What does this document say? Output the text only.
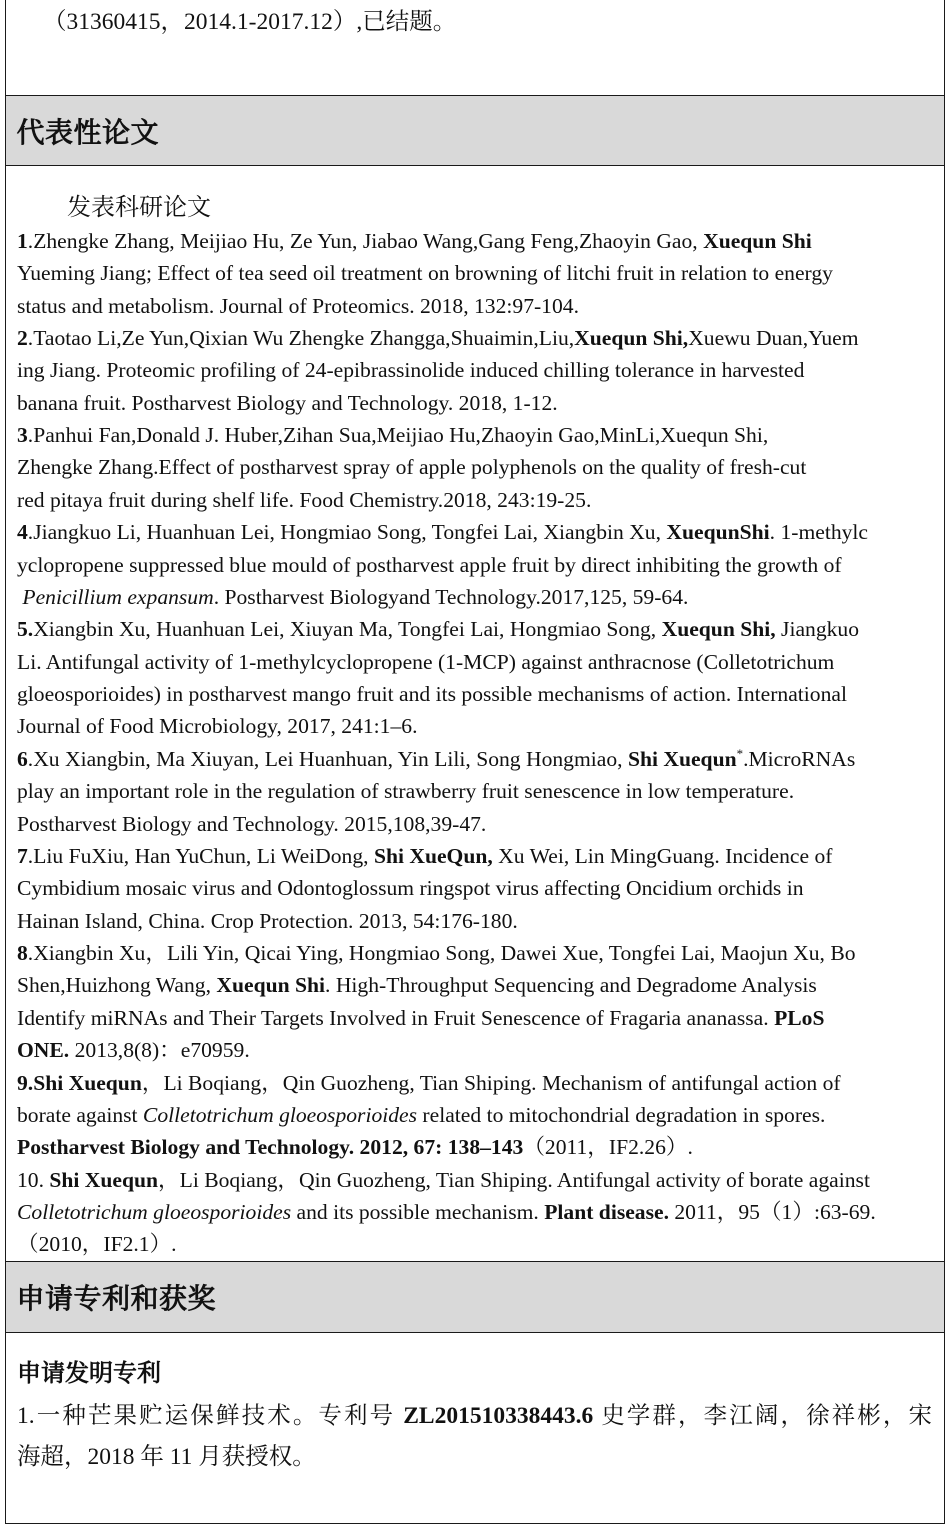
（31360415，2014.1-2017.12）,已结题。
代表性论文
发表科研论文
1.Zhengke Zhang, Meijiao Hu, Ze Yun, Jiabao Wang,Gang Feng,Zhaoyin Gao, Xuequn Shi
Yueming Jiang; Effect of tea seed oil treatment on browning of litchi fruit in relation to energy
status and metabolism. Journal of Proteomics. 2018, 132:97-104.
2.Taotao Li,Ze Yun,Qixian Wu Zhengke Zhangga,Shuaimin,Liu,Xuequn Shi,Xuewu Duan,Yuem
ing Jiang. Proteomic profiling of 24-epibrassinolide induced chilling tolerance in harvested
banana fruit. Postharvest Biology and Technology. 2018, 1-12.
3.Panhui Fan,Donald J. Huber,Zihan Sua,Meijiao Hu,Zhaoyin Gao,MinLi,Xuequn Shi,
Zhengke Zhang.Effect of postharvest spray of apple polyphenols on the quality of fresh-cut
red pitaya fruit during shelf life. Food Chemistry.2018, 243:19-25.
4.Jiangkuo Li, Huanhuan Lei, Hongmiao Song, Tongfei Lai, Xiangbin Xu, XuequnShi. 1-methylc
yclopropene suppressed blue mould of postharvest apple fruit by direct inhibiting the growth of
Penicillium expansum. Postharvest Biologyand Technology.2017,125, 59-64.
5.Xiangbin Xu, Huanhuan Lei, Xiuyan Ma, Tongfei Lai, Hongmiao Song, Xuequn Shi, Jiangkuo
Li. Antifungal activity of 1-methylcyclopropene (1-MCP) against anthracnose (Colletotrichum
gloeosporioides) in postharvest mango fruit and its possible mechanisms of action. International
Journal of Food Microbiology, 2017, 241:1–6.
6.Xu Xiangbin, Ma Xiuyan, Lei Huanhuan, Yin Lili, Song Hongmiao, Shi Xuequn*.MicroRNAs
play an important role in the regulation of strawberry fruit senescence in low temperature.
Postharvest Biology and Technology. 2015,108,39-47.
7.Liu FuXiu, Han YuChun, Li WeiDong, Shi XueQun, Xu Wei, Lin MingGuang. Incidence of
Cymbidium mosaic virus and Odontoglossum ringspot virus affecting Oncidium orchids in
Hainan Island, China. Crop Protection. 2013, 54:176-180.
8.Xiangbin Xu，Lili Yin, Qicai Ying, Hongmiao Song, Dawei Xue, Tongfei Lai, Maojun Xu, Bo
Shen,Huizhong Wang, Xuequn Shi. High-Throughput Sequencing and Degradome Analysis
Identify miRNAs and Their Targets Involved in Fruit Senescence of Fragaria ananassa. PLoS
ONE. 2013,8(8)：e70959.
9.Shi Xuequn，Li Boqiang，Qin Guozheng, Tian Shiping. Mechanism of antifungal action of
borate against Colletotrichum gloeosporioides related to mitochondrial degradation in spores.
Postharvest Biology and Technology. 2012, 67: 138–143（2011，IF2.26）.
10. Shi Xuequn，Li Boqiang，Qin Guozheng, Tian Shiping. Antifungal activity of borate against
Colletotrichum gloeosporioides and its possible mechanism. Plant disease. 2011，95（1）:63-69.
（2010，IF2.1）.
申请专利和获奖
申请发明专利
1.一种芒果贮运保鲜技术。专利号 ZL201510338443.6 史学群，李江阔，徐祥彬，宋
海超，2018 年 11 月获授权。
